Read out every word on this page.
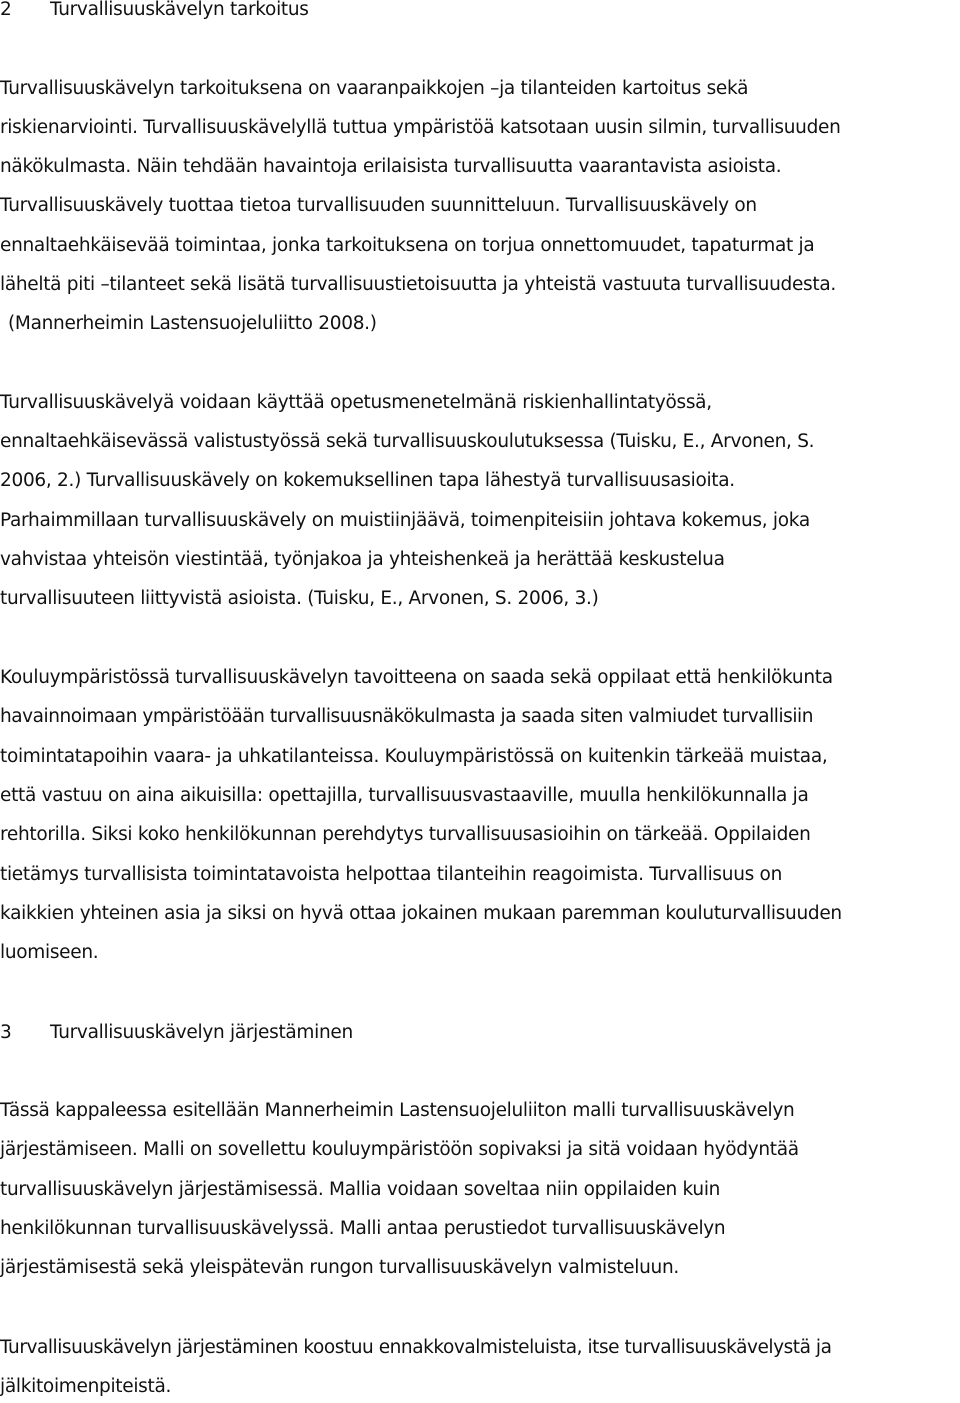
2 Turvallisuuskävelyn tarkoitus
Turvallisuuskävelyn tarkoituksena on vaaranpaikkojen –ja tilanteiden kartoitus sekä
riskienarviointi. Turvallisuuskävelyllä tuttua ympäristöä katsotaan uusin silmin, turvallisuuden
näkökulmasta. Näin tehdään havaintoja erilaisista turvallisuutta vaarantavista asioista.
Turvallisuuskävely tuottaa tietoa turvallisuuden suunnitteluun. Turvallisuuskävely on
ennaltaehkäisevää toimintaa, jonka tarkoituksena on torjua onnettomuudet, tapaturmat ja
läheltä piti –tilanteet sekä lisätä turvallisuustietoisuutta ja yhteistä vastuuta turvallisuudesta.
(Mannerheimin Lastensuojeluliitto 2008.)
Turvallisuuskävelyä voidaan käyttää opetusmenetelmänä riskienhallintatyössä,
ennaltaehkäisevässä valistustyössä sekä turvallisuuskoulutuksessa (Tuisku, E., Arvonen, S.
2006, 2.) Turvallisuuskävely on kokemuksellinen tapa lähestyä turvallisuusasioita.
Parhaimmillaan turvallisuuskävely on muistiinjäävä, toimenpiteisiin johtava kokemus, joka
vahvistaa yhteisön viestintää, työnjakoa ja yhteishenkeä ja herättää keskustelua
turvallisuuteen liittyvistä asioista. (Tuisku, E., Arvonen, S. 2006, 3.)
Kouluympäristössä turvallisuuskävelyn tavoitteena on saada sekä oppilaat että henkilökunta
havainnoimaan ympäristöään turvallisuusnäkökulmasta ja saada siten valmiudet turvallisiin
toimintatapoihin vaara- ja uhkatilanteissa. Kouluympäristössä on kuitenkin tärkeää muistaa,
että vastuu on aina aikuisilla: opettajilla, turvallisuusvastaaville, muulla henkilökunnalla ja
rehtorilla. Siksi koko henkilökunnan perehdytys turvallisuusasioihin on tärkeää. Oppilaiden
tietämys turvallisista toimintatavoista helpottaa tilanteihin reagoimista. Turvallisuus on
kaikkien yhteinen asia ja siksi on hyvä ottaa jokainen mukaan paremman kouluturvallisuuden
luomiseen.
3 Turvallisuuskävelyn järjestäminen
Tässä kappaleessa esitellään Mannerheimin Lastensuojeluliiton malli turvallisuuskävelyn
järjestämiseen. Malli on sovellettu kouluympäristöön sopivaksi ja sitä voidaan hyödyntää
turvallisuuskävelyn järjestämisessä. Mallia voidaan soveltaa niin oppilaiden kuin
henkilökunnan turvallisuuskävelyssä. Malli antaa perustiedot turvallisuuskävelyn
järjestämisestä sekä yleispätevän rungon turvallisuuskävelyn valmisteluun.
Turvallisuuskävelyn järjestäminen koostuu ennakkovalmisteluista, itse turvallisuuskävelystä ja
jälkitoimenpiteistä.
